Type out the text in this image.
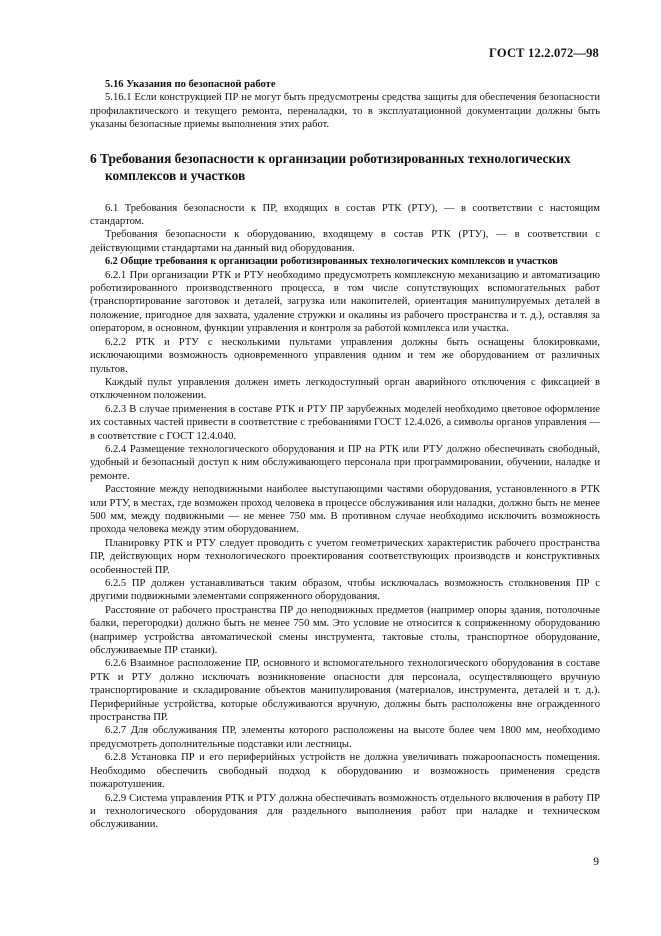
ГОСТ 12.2.072—98

5.16 Указания по безопасной работе

5.16.1 Если конструкцией ПР не могут быть предусмотрены средства защиты для обеспечения безопасности профилактического и текущего ремонта, переналадки, то в эксплуатационной документации должны быть указаны безопасные приемы выполнения этих работ.

6 Требования безопасности к организации роботизированных технологических
комплексов и участков

6.1 Требования безопасности к ПР, входящих в состав РТК (РТУ), — в соответствии с настоящим стандартом.

Требования безопасности к оборудованию, входящему в состав РТК (РТУ), — в соответствии с действующими стандартами на данный вид оборудования.

6.2 Общие требования к организации роботизированных технологических комплексов и участков

6.2.1 При организации РТК и РТУ необходимо предусмотреть комплексную механизацию и автоматизацию роботизированного производственного процесса, в том числе сопутствующих вспомогательных работ (транспортирование заготовок и деталей, загрузка или накопителей, ориентация манипулируемых деталей в положение, пригодное для захвата, удаление стружки и окалины из рабочего пространства и т. д.), оставляя за оператором, в основном, функции управления и контроля за работой комплекса или участка.

6.2.2 РТК и РТУ с несколькими пультами управления должны быть оснащены блокировками, исключающими возможность одновременного управления одним и тем же оборудованием от различных пультов.

Каждый пульт управления должен иметь легкодоступный орган аварийного отключения с фиксацией в отключенном положении.

6.2.3 В случае применения в составе РТК и РТУ ПР зарубежных моделей необходимо цветовое оформление их составных частей привести в соответствие с требованиями ГОСТ 12.4.026, а символы органов управления — в соответствие с ГОСТ 12.4.040.

6.2.4 Размещение технологического оборудования и ПР на РТК или РТУ должно обеспечивать свободный, удобный и безопасный доступ к ним обслуживающего персонала при программировании, обучении, наладке и ремонте.

Расстояние между неподвижными наиболее выступающими частями оборудования, установленного в РТК или РТУ, в местах, где возможен проход человека в процессе обслуживания или наладки, должно быть не менее 500 мм, между подвижными — не менее 750 мм. В противном случае необходимо исключить возможность прохода человека между этим оборудованием.

Планировку РТК и РТУ следует проводить с учетом геометрических характеристик рабочего пространства ПР, действующих норм технологического проектирования соответствующих производств и конструктивных особенностей ПР.

6.2.5 ПР должен устанавливаться таким образом, чтобы исключалась возможность столкновения ПР с другими подвижными элементами сопряженного оборудования.

Расстояние от рабочего пространства ПР до неподвижных предметов (например опоры здания, потолочные балки, перегородки) должно быть не менее 750 мм. Это условие не относится к сопряженному оборудованию (например устройства автоматической смены инструмента, тактовые столы, транспортное оборудование, обслуживаемые ПР станки).

6.2.6 Взаимное расположение ПР, основного и вспомогательного технологического оборудования в составе РТК и РТУ должно исключать возникновение опасности для персонала, осуществляющего вручную транспортирование и складирование объектов манипулирования (материалов, инструмента, деталей и т. д.). Периферийные устройства, которые обслуживаются вручную, должны быть расположены вне огражденного пространства ПР.

6.2.7 Для обслуживания ПР, элементы которого расположены на высоте более чем 1800 мм, необходимо предусмотреть дополнительные подставки или лестницы.

6.2.8 Установка ПР и его периферийных устройств не должна увеличивать пожароопасность помещения. Необходимо обеспечить свободный подход к оборудованию и возможность применения средств пожаротушения.

6.2.9 Система управления РТК и РТУ должна обеспечивать возможность отдельного включения в работу ПР и технологического оборудования для раздельного выполнения работ при наладке и техническом обслуживании.

9
